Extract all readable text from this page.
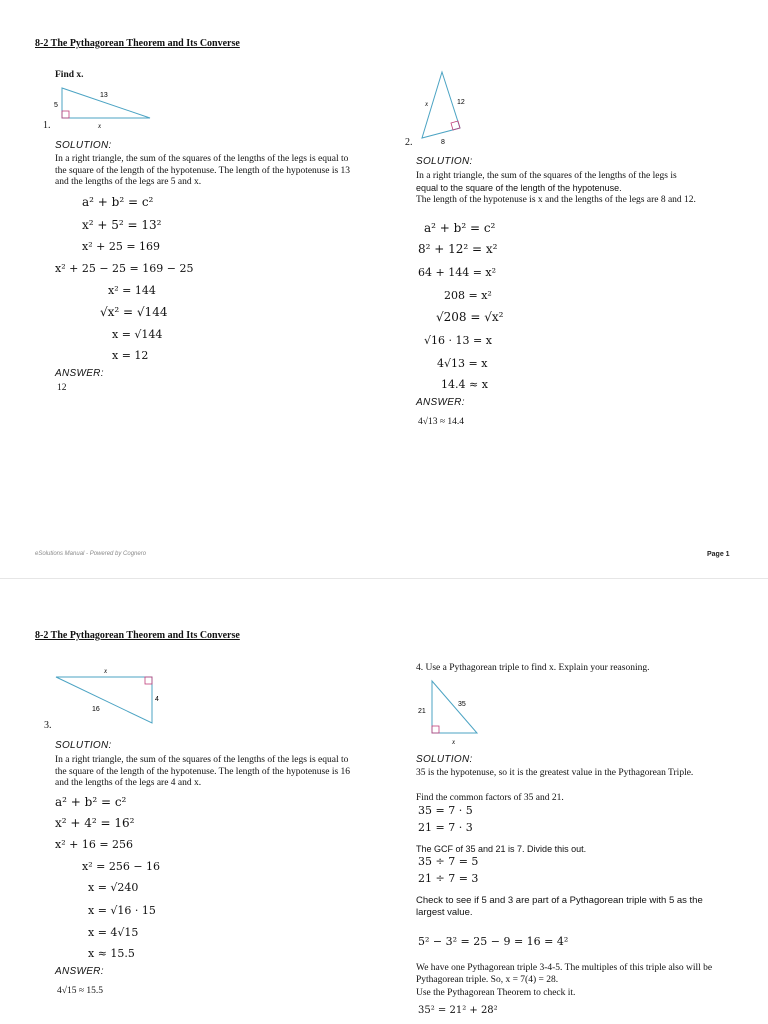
8-2 The Pythagorean Theorem and Its Converse
Find x.
5
13
x
1.
SOLUTION:
In a right triangle, the sum of the squares of the lengths of the legs is equal to the square of the length of the hypotenuse. The length of the hypotenuse is 13 and the lengths of the legs are 5 and x.
a² + b² = c²
x² + 5² = 13²
x² + 25 = 169
x² + 25 − 25 = 169 − 25
x² = 144
√x² = √144
x = √144
x = 12
ANSWER:
12
x	12
8
2.
SOLUTION:
In a right triangle, the sum of the squares of the lengths of the legs is
equal to the square of the length of the hypotenuse.
The length of the hypotenuse is x and the lengths of the legs are 8 and 12.
a² + b² = c²
8² + 12² = x²
64 + 144 = x²
208 = x²
√208 = √x²
√16 · 13 = x
4√13 = x
14.4 ≈ x
ANSWER:
4√13 ≈ 14.4
eSolutions Manual - Powered by Cognero	Page 1
8-2 The Pythagorean Theorem and Its Converse
x
4
16
3.
SOLUTION:
In a right triangle, the sum of the squares of the lengths of the legs is equal to the square of the length of the hypotenuse. The length of the hypotenuse is 16 and the lengths of the legs are 4 and x.
a² + b² = c²
x² + 4² = 16²
x² + 16 = 256
x² = 256 − 16
x = √240
x = √16 · 15
x = 4√15
x ≈ 15.5
ANSWER:
4√15 ≈ 15.5
4. Use a Pythagorean triple to find x. Explain your reasoning.
21
35
x
SOLUTION:
35 is the hypotenuse, so it is the greatest value in the Pythagorean Triple.
Find the common factors of 35 and 21.
35 = 7 · 5
21 = 7 · 3
The GCF of 35 and 21 is 7. Divide this out.
35 ÷ 7 = 5
21 ÷ 7 = 3
Check to see if 5 and 3 are part of a Pythagorean triple with 5 as the largest value.
5² − 3² = 25 − 9 = 16 = 4²
We have one Pythagorean triple 3-4-5. The multiples of this triple also will be Pythagorean triple. So, x = 7(4) = 28.
Use the Pythagorean Theorem to check it.
35² = 21² + 28²
